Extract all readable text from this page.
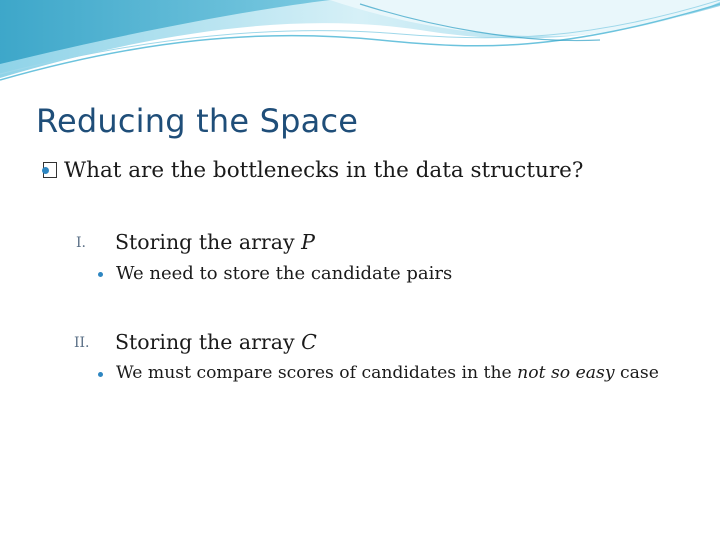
Reducing the Space
What are the bottlenecks in the data structure?
I. Storing the array P
We need to store the candidate pairs
II. Storing the array C
We must compare scores of candidates in the not so easy case
